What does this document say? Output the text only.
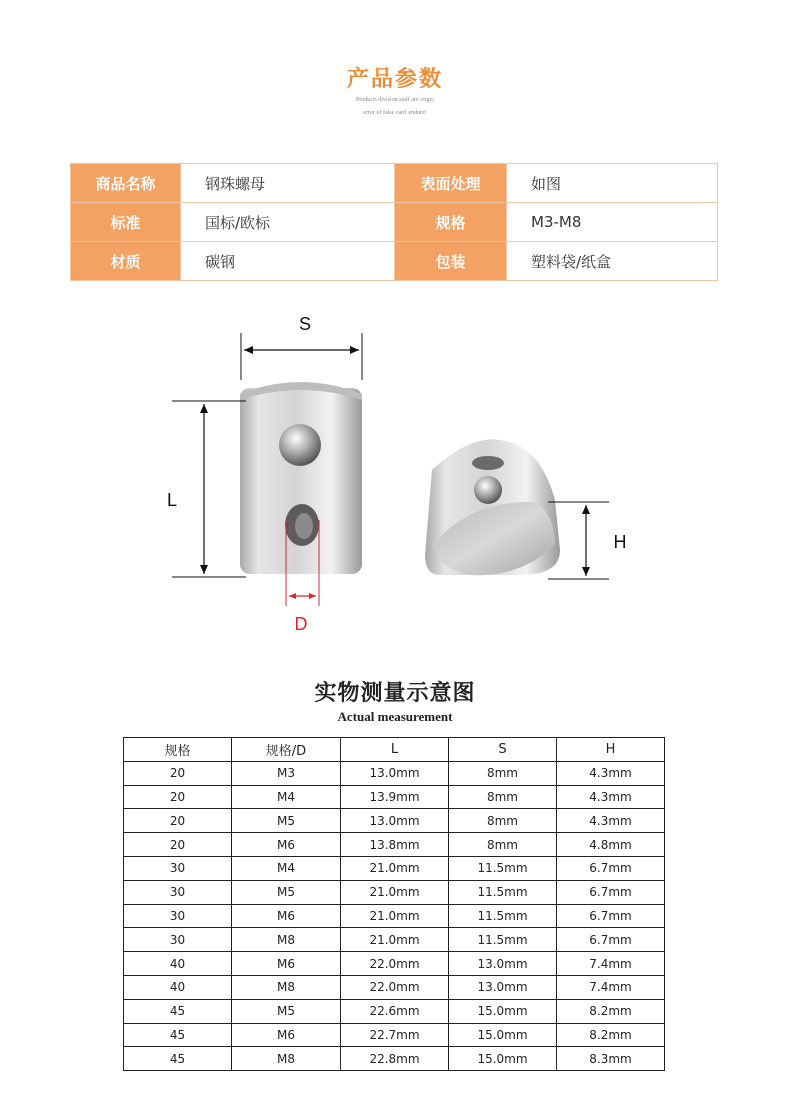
产品参数
Products division staff are virgo,
error of false can't endure!
商品名称	钢珠螺母	表面处理	如图
标准	国标/欧标	规格	M3-M8
材质	碳钢	包装	塑料袋/纸盒
S
L
D
H
实物测量示意图
Actual measurement
规格	规格/D	L	S	H
20	M3	13.0mm	8mm	4.3mm
20	M4	13.9mm	8mm	4.3mm
20	M5	13.0mm	8mm	4.3mm
20	M6	13.8mm	8mm	4.8mm
30	M4	21.0mm	11.5mm	6.7mm
30	M5	21.0mm	11.5mm	6.7mm
30	M6	21.0mm	11.5mm	6.7mm
30	M8	21.0mm	11.5mm	6.7mm
40	M6	22.0mm	13.0mm	7.4mm
40	M8	22.0mm	13.0mm	7.4mm
45	M5	22.6mm	15.0mm	8.2mm
45	M6	22.7mm	15.0mm	8.2mm
45	M8	22.8mm	15.0mm	8.3mm
